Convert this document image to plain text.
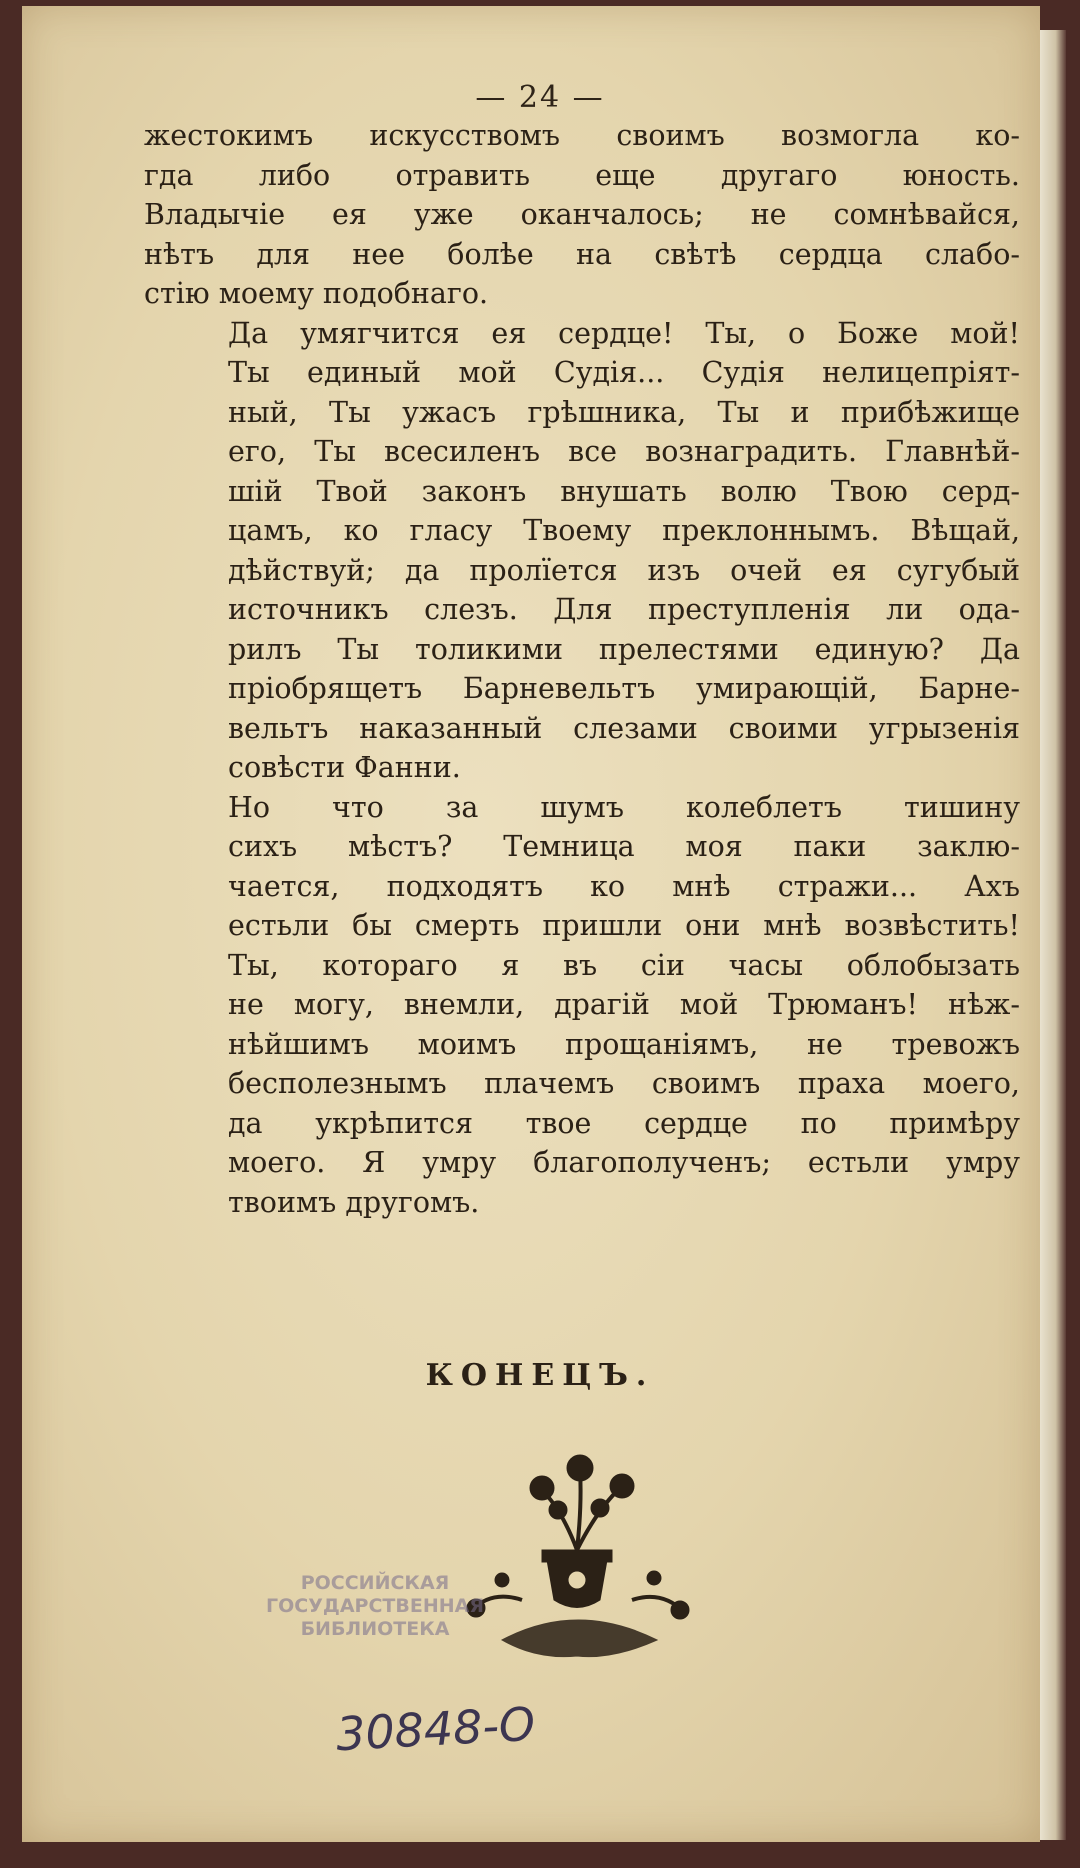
— 24 —

жестокимъ искусствомъ своимъ возмогла ко-
гда либо отравить еще другаго юность.
Владычіе ея уже оканчалось; не сомнѣвайся,
нѣтъ для нее болѣе на свѣтѣ сердца слабо-
стію моему подобнаго.

Да умягчится ея сердце! Ты, о Боже мой!
Ты единый мой Судія... Судія нелицепріят-
ный, Ты ужасъ грѣшника, Ты и прибѣжище
его, Ты всесиленъ все вознаградить. Главнѣй-
шій Твой законъ внушать волю Твою серд-
цамъ, ко гласу Твоему преклоннымъ. Вѣщай,
дѣйствуй; да пролїется изъ очей ея сугубый
источникъ слезъ. Для преступленія ли ода-
рилъ Ты толикими прелестями единую? Да
пріобрящетъ Барневельтъ умирающій, Барне-
вельтъ наказанный слезами своими угрызенія
совѣсти Фанни.

Но что за шумъ колеблетъ тишину
сихъ мѣстъ? Темница моя паки заклю-
чается, подходятъ ко мнѣ стражи... Ахъ
естьли бы смерть пришли они мнѣ возвѣстить!
Ты, котораго я въ сіи часы облобызать
не могу, внемли, драгій мой Трюманъ! нѣж-
нѣйшимъ моимъ прощаніямъ, не тревожъ
бесполезнымъ плачемъ своимъ праха моего,
да укрѣпится твое сердце по примѣру
моего. Я умру благополученъ; естьли умру
твоимъ другомъ.

КОНЕЦЪ.
РОССИЙСКАЯ
ГОСУДАРСТВЕННАЯ
БИБЛИОТЕКА
30848-О
